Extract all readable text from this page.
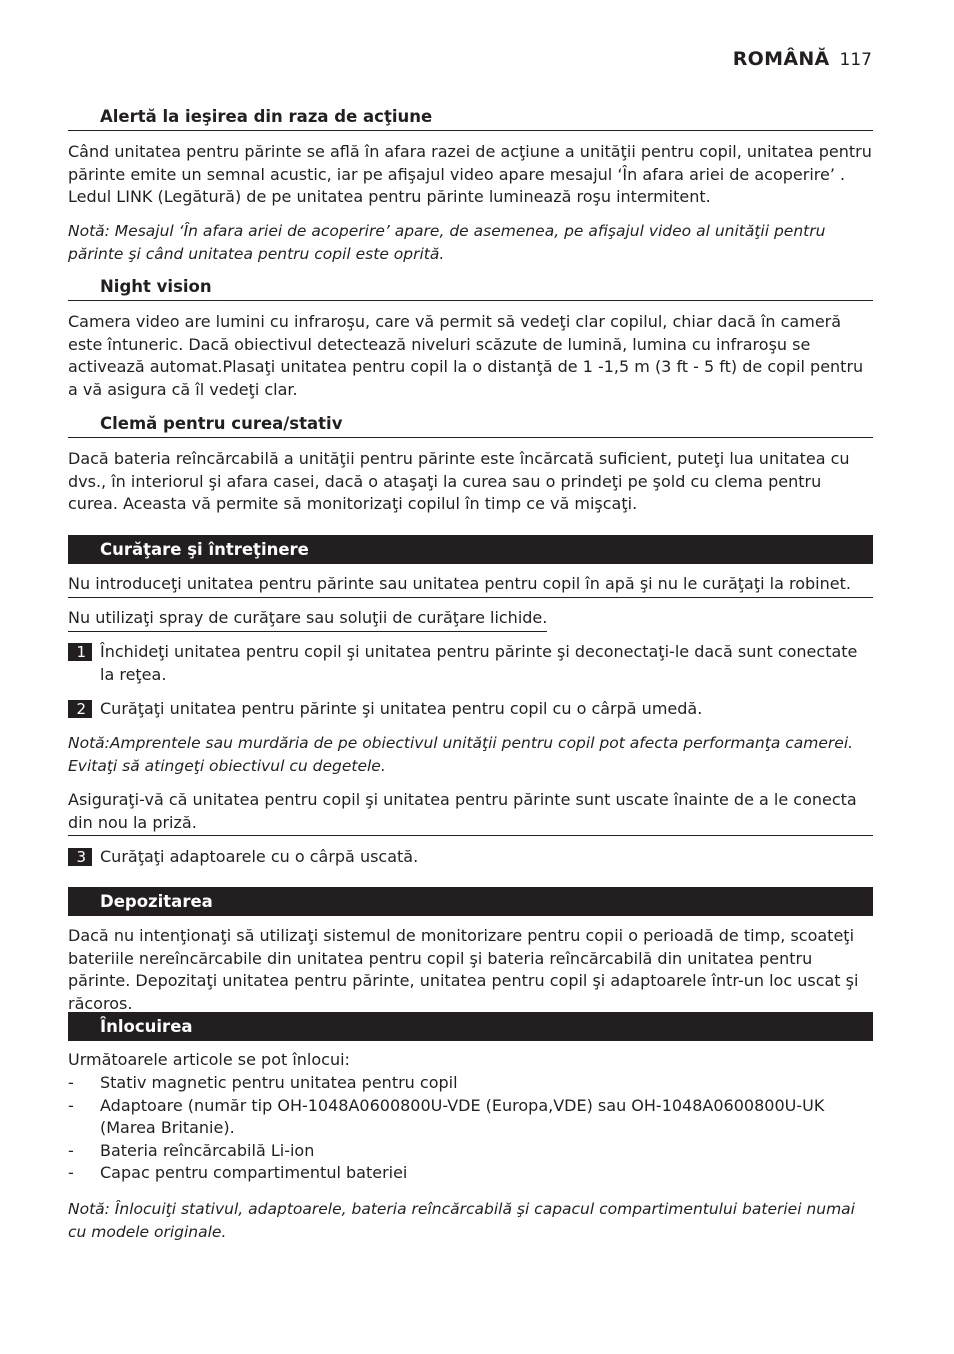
ROMÂNĂ 117
Alertă la ieşirea din raza de acţiune
Când unitatea pentru părinte se află în afara razei de acţiune a unităţii pentru copil, unitatea pentru părinte emite un semnal acustic, iar pe afişajul video apare mesajul ‘În afara ariei de acoperire’ . Ledul LINK (Legătură) de pe unitatea pentru părinte luminează roşu intermitent.
Notă: Mesajul ‘În afara ariei de acoperire’ apare, de asemenea, pe afişajul video al unităţii pentru părinte şi când unitatea pentru copil este oprită.
Night vision
Camera video are lumini cu infraroşu, care vă permit să vedeţi clar copilul, chiar dacă în cameră este întuneric. Dacă obiectivul detectează niveluri scăzute de lumină, lumina cu infraroşu se activează automat.Plasaţi unitatea pentru copil la o distanţă de 1 -1,5 m (3 ft - 5 ft) de copil pentru a vă asigura că îl vedeţi clar.
Clemă pentru curea/stativ
Dacă bateria reîncărcabilă a unităţii pentru părinte este încărcată suficient, puteţi lua unitatea cu dvs., în interiorul şi afara casei, dacă o ataşaţi la curea sau o prindeţi pe şold cu clema pentru curea. Aceasta vă permite să monitorizaţi copilul în timp ce vă mişcaţi.
Curăţare şi întreţinere
Nu introduceţi unitatea pentru părinte sau unitatea pentru copil în apă şi nu le curăţaţi la robinet.
Nu utilizaţi spray de curăţare sau soluţii de curăţare lichide.
1 Închideţi unitatea pentru copil şi unitatea pentru părinte şi deconectaţi-le dacă sunt conectate la reţea.
2 Curăţaţi unitatea pentru părinte şi unitatea pentru copil cu o cârpă umedă.
Notă:Amprentele sau murdăria de pe obiectivul unităţii pentru copil pot afecta performanţa camerei. Evitaţi să atingeţi obiectivul cu degetele.
Asiguraţi-vă că unitatea pentru copil şi unitatea pentru părinte sunt uscate înainte de a le conecta din nou la priză.
3 Curăţaţi adaptoarele cu o cârpă uscată.
Depozitarea
Dacă nu intenţionaţi să utilizaţi sistemul de monitorizare pentru copii o perioadă de timp, scoateţi bateriile nereîncărcabile din unitatea pentru copil şi bateria reîncărcabilă din unitatea pentru părinte. Depozitaţi unitatea pentru părinte, unitatea pentru copil şi adaptoarele într-un loc uscat şi răcoros.
Înlocuirea
Următoarele articole se pot înlocui:
- Stativ magnetic pentru unitatea pentru copil
- Adaptoare (număr tip OH-1048A0600800U-VDE (Europa,VDE) sau OH-1048A0600800U-UK (Marea Britanie).
- Bateria reîncărcabilă Li-ion
- Capac pentru compartimentul bateriei
Notă: Înlocuiţi stativul, adaptoarele, bateria reîncărcabilă şi capacul compartimentului bateriei numai cu modele originale.
